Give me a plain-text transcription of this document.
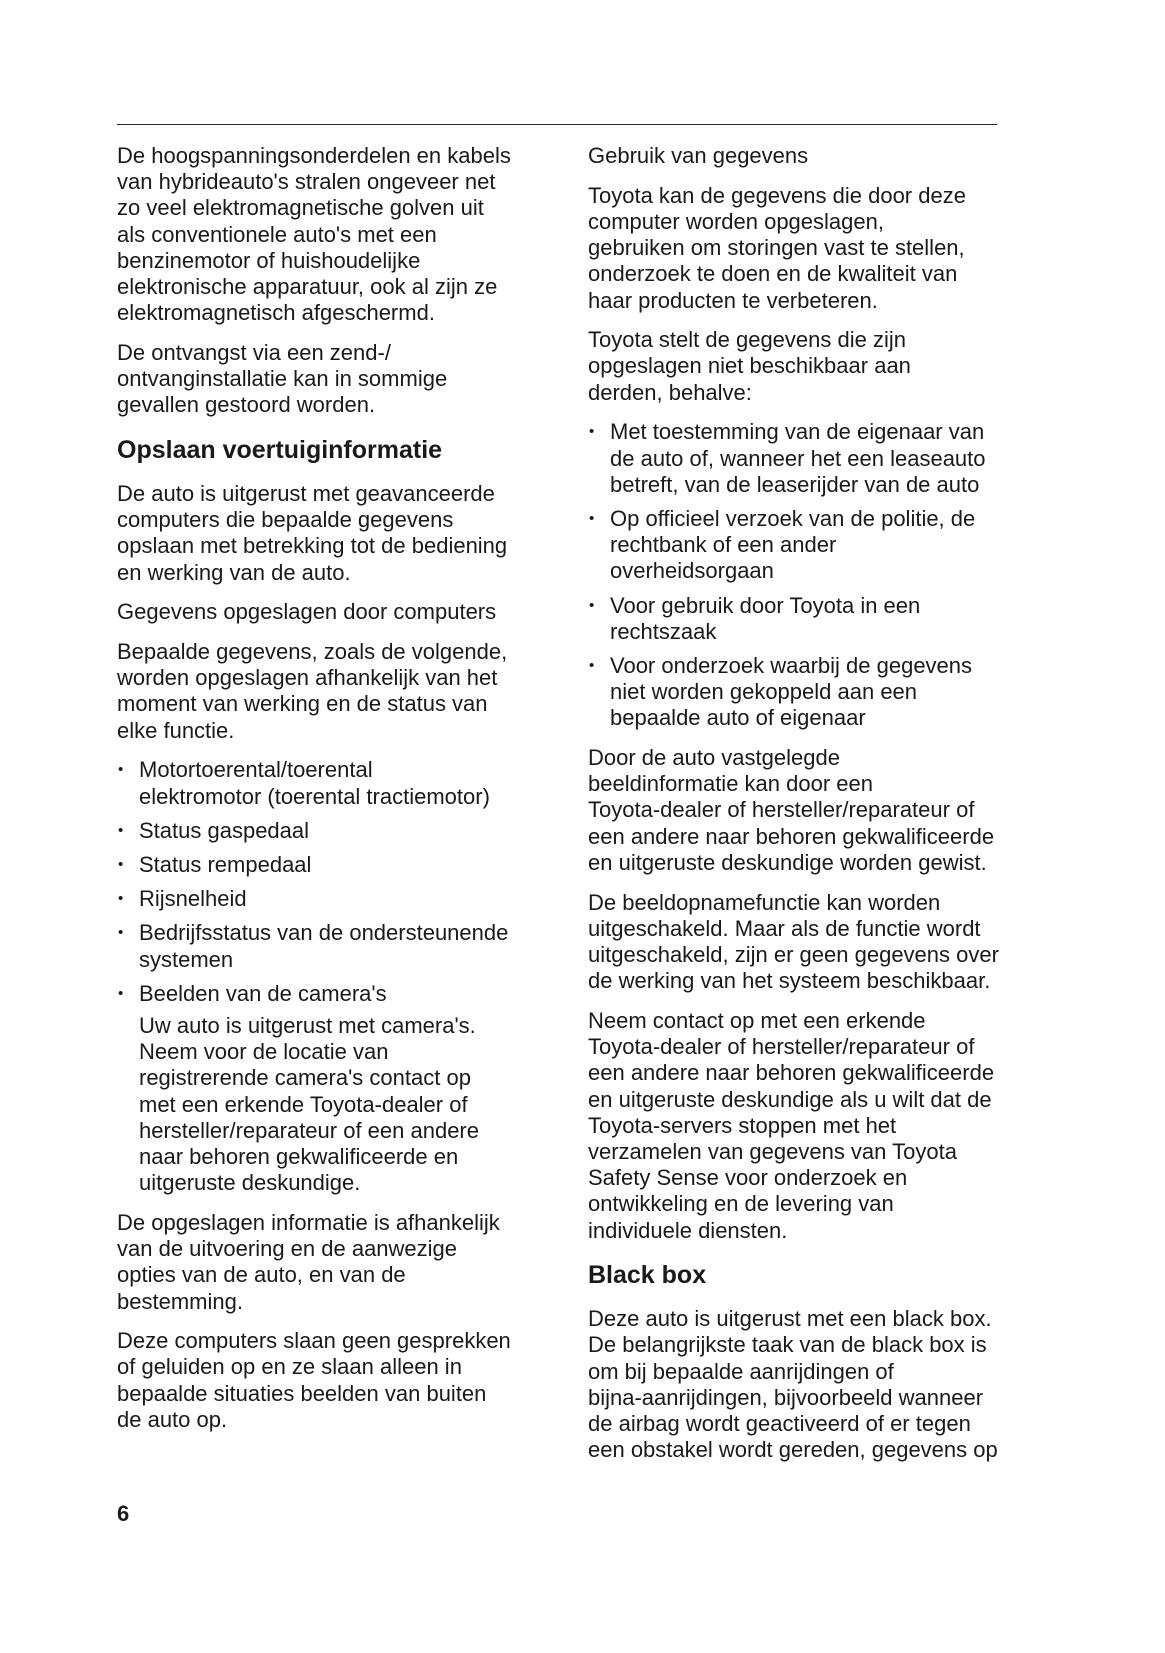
De hoogspanningsonderdelen en kabels
van hybrideauto's stralen ongeveer net
zo veel elektromagnetische golven uit
als conventionele auto's met een
benzinemotor of huishoudelijke
elektronische apparatuur, ook al zijn ze
elektromagnetisch afgeschermd.
De ontvangst via een zend-/
ontvanginstallatie kan in sommige
gevallen gestoord worden.
Opslaan voertuiginformatie
De auto is uitgerust met geavanceerde
computers die bepaalde gegevens
opslaan met betrekking tot de bediening
en werking van de auto.
Gegevens opgeslagen door computers
Bepaalde gegevens, zoals de volgende,
worden opgeslagen afhankelijk van het
moment van werking en de status van
elke functie.
• Motortoerental/toerental
elektromotor (toerental tractiemotor)
• Status gaspedaal
• Status rempedaal
• Rijsnelheid
• Bedrijfsstatus van de ondersteunende
systemen
• Beelden van de camera's
Uw auto is uitgerust met camera's.
Neem voor de locatie van
registrerende camera's contact op
met een erkende Toyota-dealer of
hersteller/reparateur of een andere
naar behoren gekwalificeerde en
uitgeruste deskundige.
De opgeslagen informatie is afhankelijk
van de uitvoering en de aanwezige
opties van de auto, en van de
bestemming.
Deze computers slaan geen gesprekken
of geluiden op en ze slaan alleen in
bepaalde situaties beelden van buiten
de auto op.
Gebruik van gegevens
Toyota kan de gegevens die door deze
computer worden opgeslagen,
gebruiken om storingen vast te stellen,
onderzoek te doen en de kwaliteit van
haar producten te verbeteren.
Toyota stelt de gegevens die zijn
opgeslagen niet beschikbaar aan
derden, behalve:
• Met toestemming van de eigenaar van
de auto of, wanneer het een leaseauto
betreft, van de leaserijder van de auto
• Op officieel verzoek van de politie, de
rechtbank of een ander
overheidsorgaan
• Voor gebruik door Toyota in een
rechtszaak
• Voor onderzoek waarbij de gegevens
niet worden gekoppeld aan een
bepaalde auto of eigenaar
Door de auto vastgelegde
beeldinformatie kan door een
Toyota-dealer of hersteller/reparateur of
een andere naar behoren gekwalificeerde
en uitgeruste deskundige worden gewist.
De beeldopnamefunctie kan worden
uitgeschakeld. Maar als de functie wordt
uitgeschakeld, zijn er geen gegevens over
de werking van het systeem beschikbaar.
Neem contact op met een erkende
Toyota-dealer of hersteller/reparateur of
een andere naar behoren gekwalificeerde
en uitgeruste deskundige als u wilt dat de
Toyota-servers stoppen met het
verzamelen van gegevens van Toyota
Safety Sense voor onderzoek en
ontwikkeling en de levering van
individuele diensten.
Black box
Deze auto is uitgerust met een black box.
De belangrijkste taak van de black box is
om bij bepaalde aanrijdingen of
bijna-aanrijdingen, bijvoorbeeld wanneer
de airbag wordt geactiveerd of er tegen
een obstakel wordt gereden, gegevens op
6
